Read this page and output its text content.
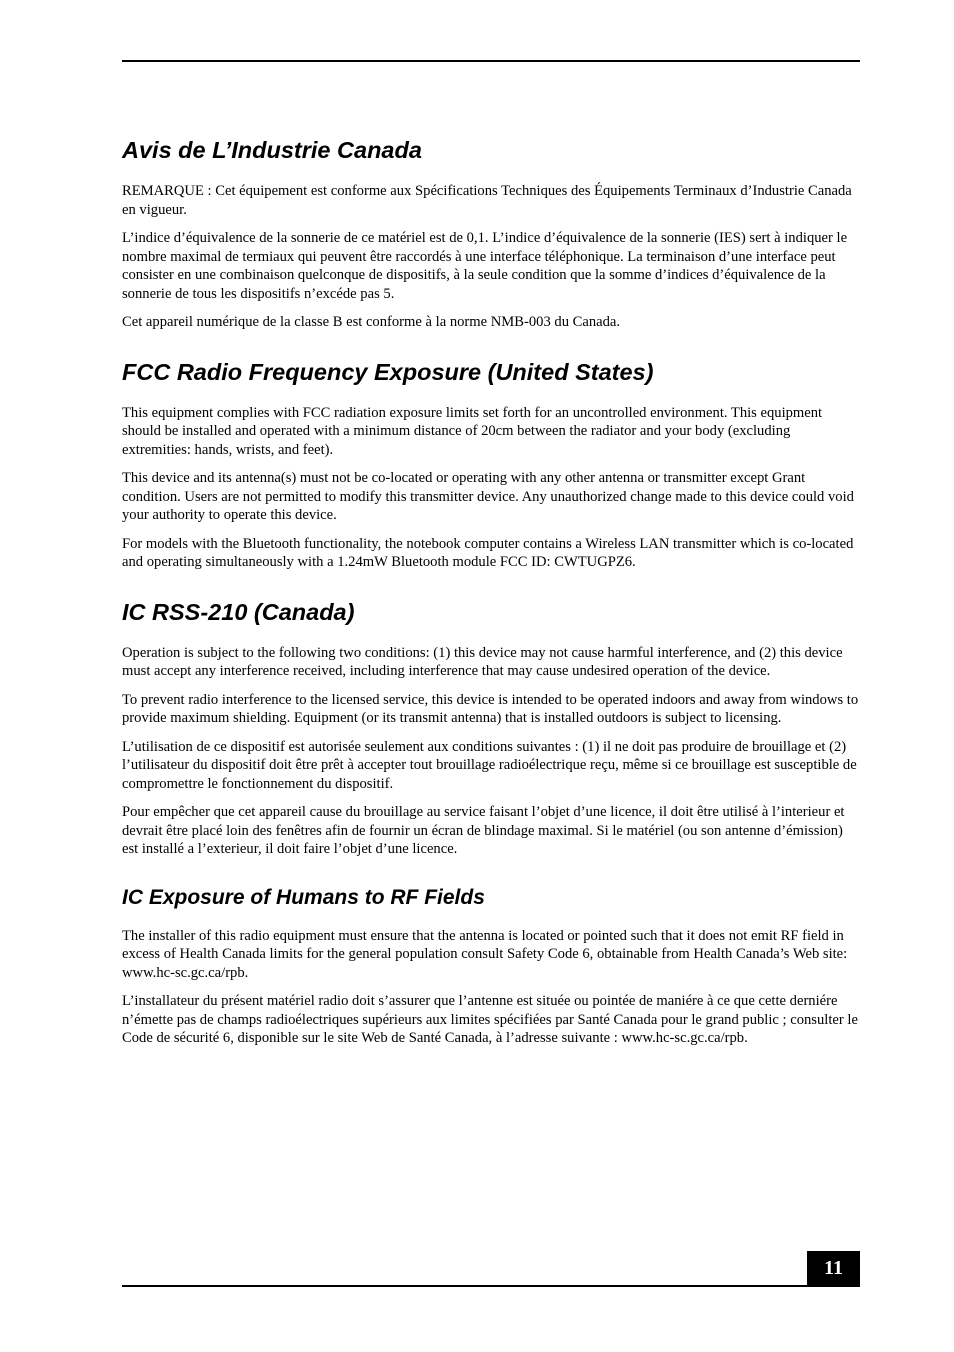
Avis de L’Industrie Canada

REMARQUE : Cet équipement est conforme aux Spécifications Techniques des Équipements Terminaux d’Industrie Canada en vigueur.

L’indice d’équivalence de la sonnerie de ce matériel est de 0,1. L’indice d’équivalence de la sonnerie (IES) sert à indiquer le nombre maximal de termiaux qui peuvent être raccordés à une interface téléphonique. La terminaison d’une interface peut consister en une combinaison quelconque de dispositifs, à la seule condition que la somme d’indices d’équivalence de la sonnerie de tous les dispositifs n’excéde pas 5.

Cet appareil numérique de la classe B est conforme à la norme NMB-003 du Canada.

FCC Radio Frequency Exposure (United States)

This equipment complies with FCC radiation exposure limits set forth for an uncontrolled environment. This equipment should be installed and operated with a minimum distance of 20cm between the radiator and your body (excluding extremities: hands, wrists, and feet).

This device and its antenna(s) must not be co-located or operating with any other antenna or transmitter except Grant condition. Users are not permitted to modify this transmitter device. Any unauthorized change made to this device could void your authority to operate this device.

For models with the Bluetooth functionality, the notebook computer contains a Wireless LAN transmitter which is co-located and operating simultaneously with a 1.24mW Bluetooth module FCC ID: CWTUGPZ6.

IC RSS-210 (Canada)

Operation is subject to the following two conditions: (1) this device may not cause harmful interference, and (2) this device must accept any interference received, including interference that may cause undesired operation of the device.

To prevent radio interference to the licensed service, this device is intended to be operated indoors and away from windows to provide maximum shielding. Equipment (or its transmit antenna) that is installed outdoors is subject to licensing.

L’utilisation de ce dispositif est autorisée seulement aux conditions suivantes : (1) il ne doit pas produire de brouillage et (2) l’utilisateur du dispositif doit être prêt à accepter tout brouillage radioélectrique reçu, même si ce brouillage est susceptible de compromettre le fonctionnement du dispositif.

Pour empêcher que cet appareil cause du brouillage au service faisant l’objet d’une licence, il doit être utilisé à l’interieur et devrait être placé loin des fenêtres afin de fournir un écran de blindage maximal. Si le matériel (ou son antenne d’émission) est installé a l’exterieur, il doit faire l’objet d’une licence.

IC Exposure of Humans to RF Fields

The installer of this radio equipment must ensure that the antenna is located or pointed such that it does not emit RF field in excess of Health Canada limits for the general population consult Safety Code 6, obtainable from Health Canada’s Web site: www.hc-sc.gc.ca/rpb.

L’installateur du présent matériel radio doit s’assurer que l’antenne est située ou pointée de maniére à ce que cette derniére n’émette pas de champs radioélectriques supérieurs aux limites spécifiées par Santé Canada pour le grand public ; consulter le Code de sécurité 6, disponible sur le site Web de Santé Canada, à l’adresse suivante : www.hc-sc.gc.ca/rpb.

11
